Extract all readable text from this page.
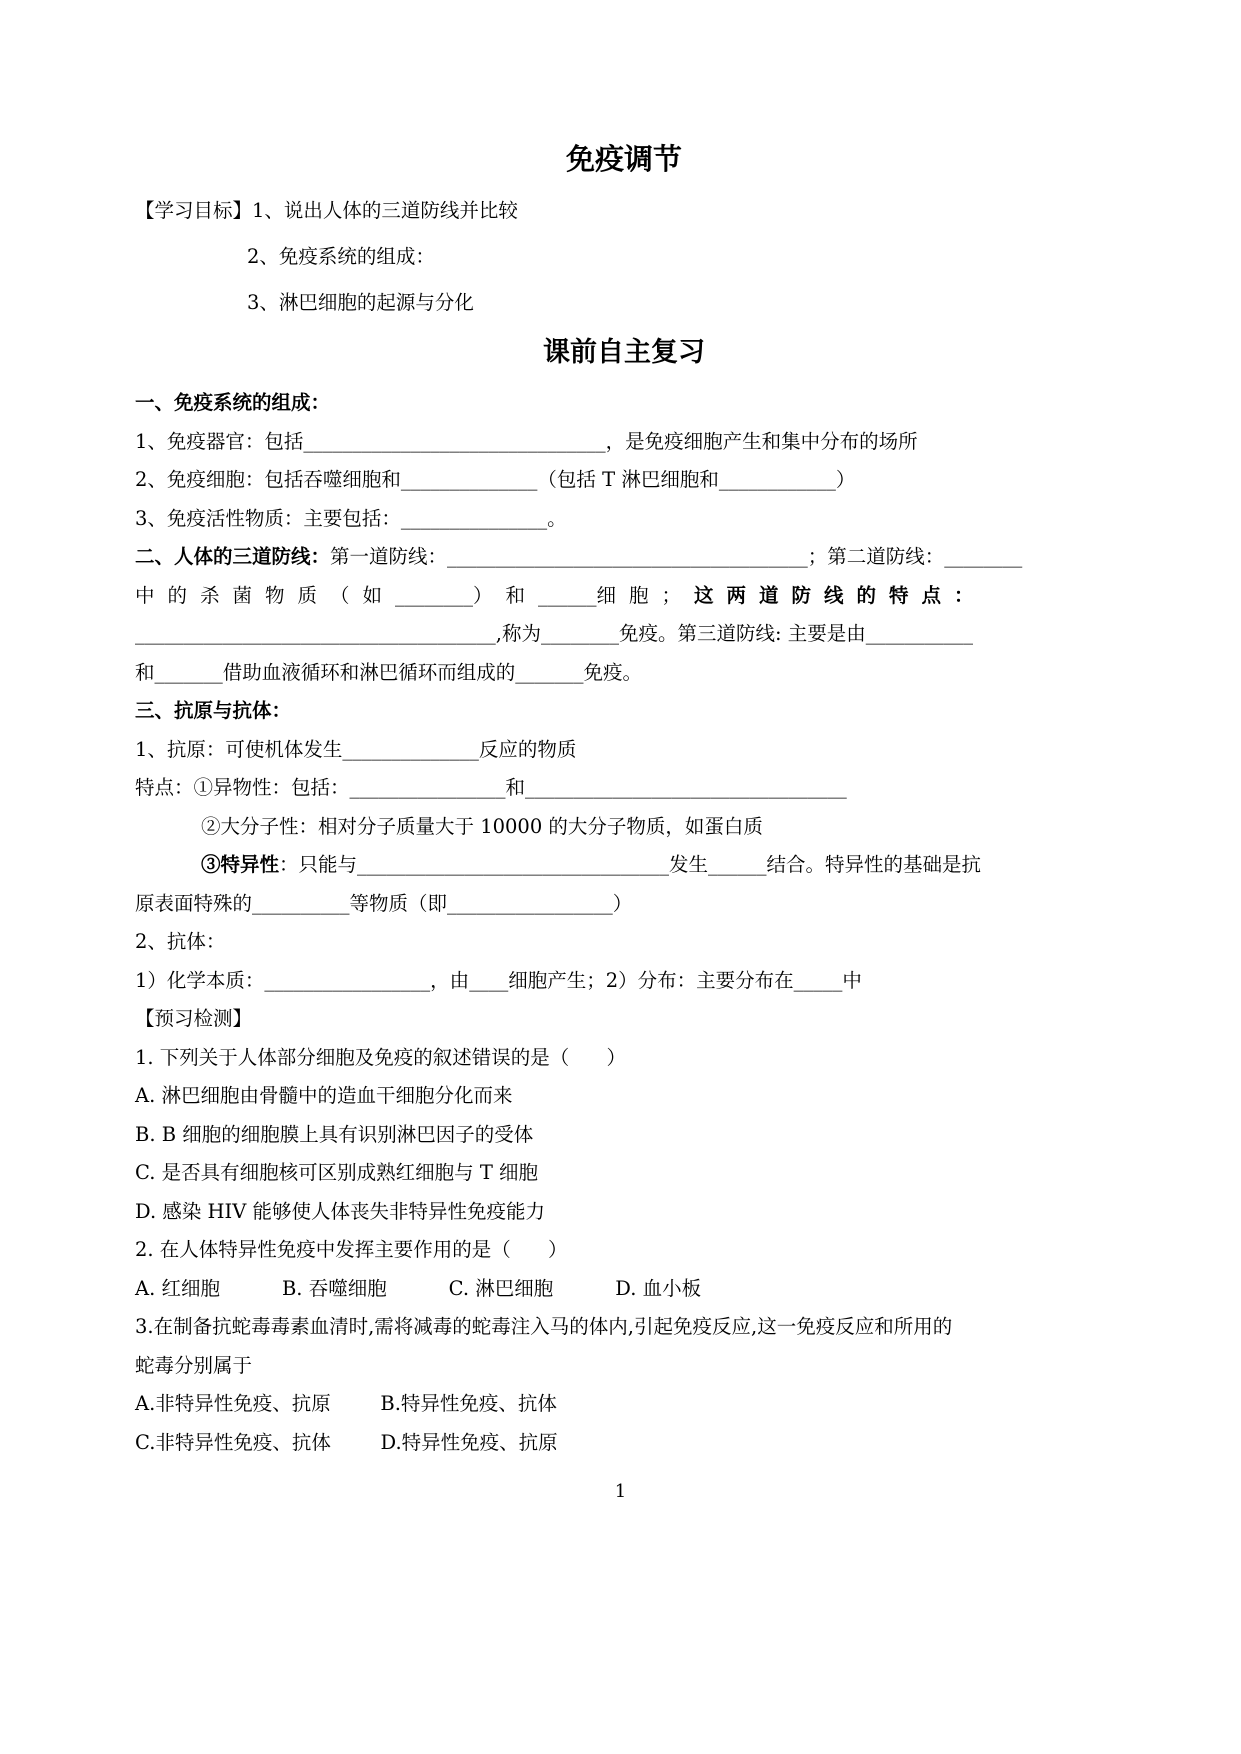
免疫调节
【学习目标】1、说出人体的三道防线并比较
2、免疫系统的组成：
3、淋巴细胞的起源与分化
课前自主复习
一、免疫系统的组成：
1、免疫器官：包括_______________________________，是免疫细胞产生和集中分布的场所
2、免疫细胞：包括吞噬细胞和______________（包括 T 淋巴细胞和____________）
3、免疫活性物质：主要包括：_______________。
二、人体的三道防线：第一道防线：_____________________________________；第二道防线：________
中的杀菌物质（如________）和______细胞；这两道防线的特点：
_____________________________________,称为________免疫。第三道防线: 主要是由___________
和_______借助血液循环和淋巴循环而组成的_______免疫。
三、抗原与抗体：
1、抗原：可使机体发生______________反应的物质
特点：①异物性：包括：________________和_________________________________
②大分子性：相对分子质量大于 10000 的大分子物质，如蛋白质
③特异性：只能与________________________________发生______结合。特异性的基础是抗
原表面特殊的__________等物质（即_________________）
2、抗体：
1）化学本质：_________________，由____细胞产生；2）分布：主要分布在_____中
【预习检测】
1. 下列关于人体部分细胞及免疫的叙述错误的是（      ）
A. 淋巴细胞由骨髓中的造血干细胞分化而来
B. B 细胞的细胞膜上具有识别淋巴因子的受体
C. 是否具有细胞核可区别成熟红细胞与 T 细胞
D. 感染 HIV 能够使人体丧失非特异性免疫能力
2. 在人体特异性免疫中发挥主要作用的是（      ）
A. 红细胞          B. 吞噬细胞          C. 淋巴细胞          D. 血小板
3.在制备抗蛇毒毒素血清时,需将减毒的蛇毒注入马的体内,引起免疫反应,这一免疫反应和所用的
蛇毒分别属于
A.非特异性免疫、抗原        B.特异性免疫、抗体
C.非特异性免疫、抗体        D.特异性免疫、抗原
1
